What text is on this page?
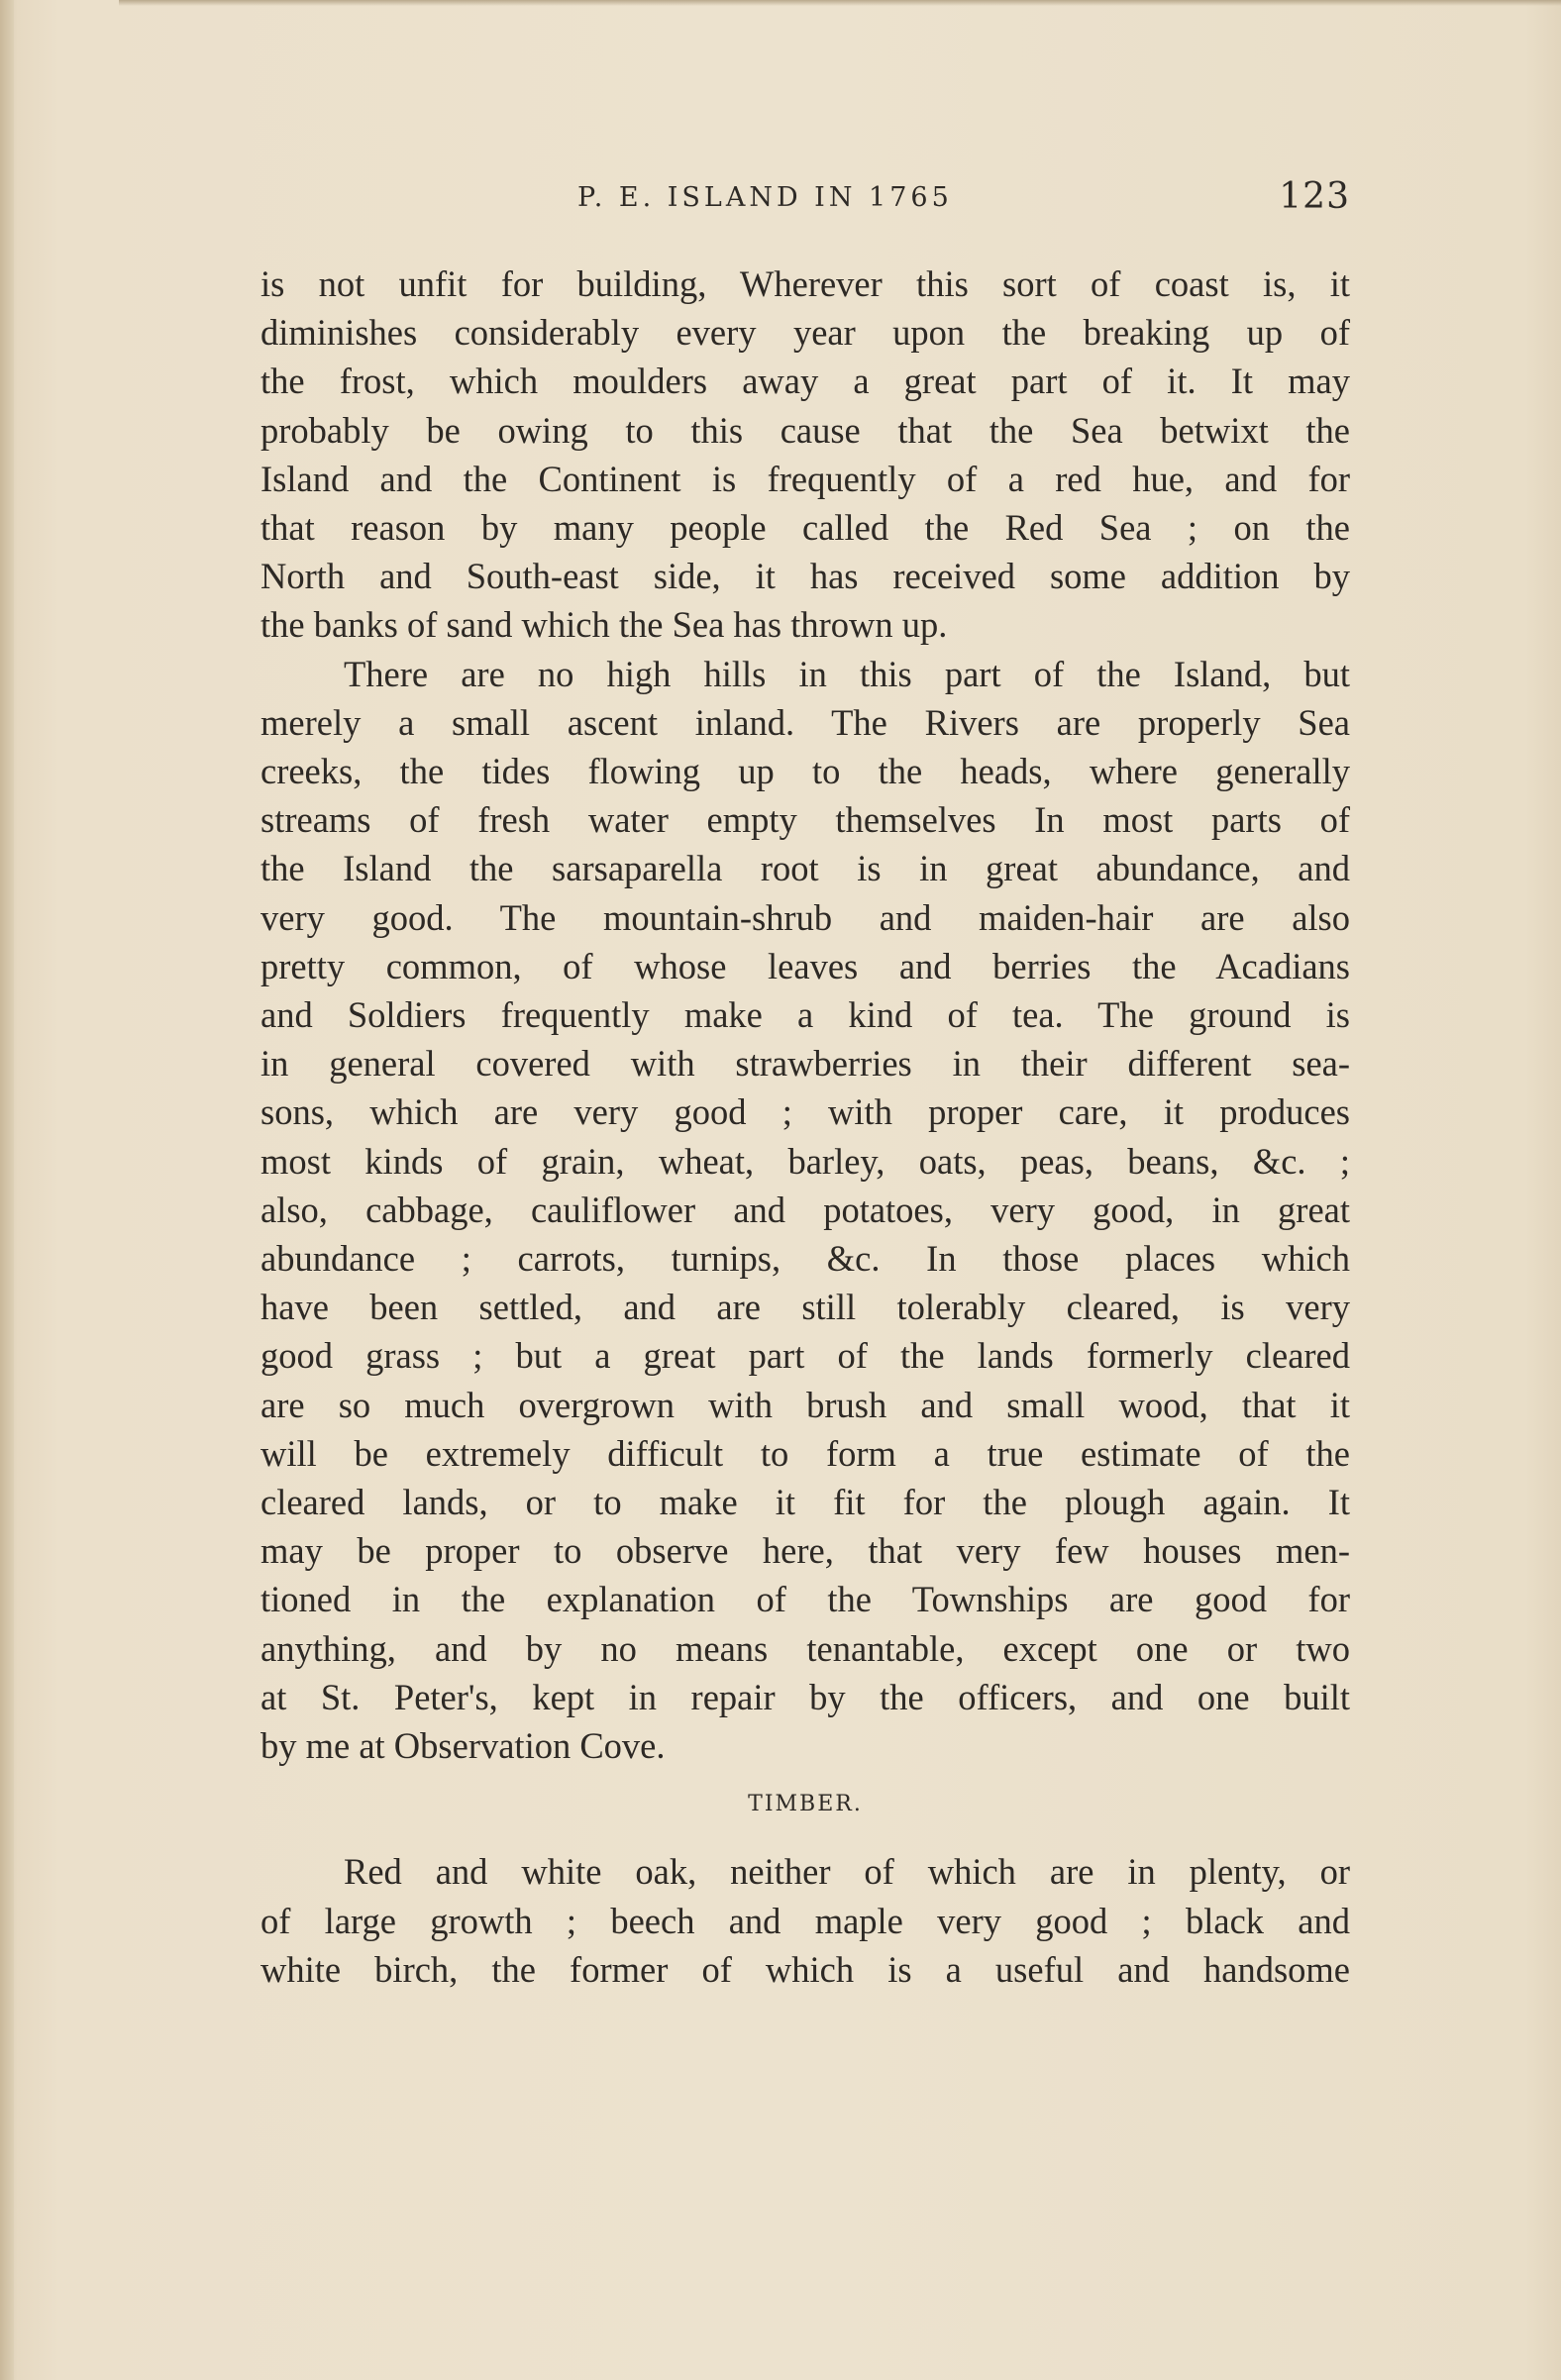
P. E. ISLAND IN 1765	123
is not unfit for building, Wherever this sort of coast is, it
diminishes considerably every year upon the breaking up of
the frost, which moulders away a great part of it. It may
probably be owing to this cause that the Sea betwixt the
Island and the Continent is frequently of a red hue, and for
that reason by many people called the Red Sea ; on the
North and South-east side, it has received some addition by
the banks of sand which the Sea has thrown up.
There are no high hills in this part of the Island, but
merely a small ascent inland. The Rivers are properly Sea
creeks, the tides flowing up to the heads, where generally
streams of fresh water empty themselves In most parts of
the Island the sarsaparella root is in great abundance, and
very good. The mountain-shrub and maiden-hair are also
pretty common, of whose leaves and berries the Acadians
and Soldiers frequently make a kind of tea. The ground is
in general covered with strawberries in their different sea-
sons, which are very good ; with proper care, it produces
most kinds of grain, wheat, barley, oats, peas, beans, &c. ;
also, cabbage, cauliflower and potatoes, very good, in great
abundance ; carrots, turnips, &c. In those places which
have been settled, and are still tolerably cleared, is very
good grass ; but a great part of the lands formerly cleared
are so much overgrown with brush and small wood, that it
will be extremely difficult to form a true estimate of the
cleared lands, or to make it fit for the plough again. It
may be proper to observe here, that very few houses men-
tioned in the explanation of the Townships are good for
anything, and by no means tenantable, except one or two
at St. Peter's, kept in repair by the officers, and one built
by me at Observation Cove.
TIMBER.
Red and white oak, neither of which are in plenty, or
of large growth ; beech and maple very good ; black and
white birch, the former of which is a useful and handsome
